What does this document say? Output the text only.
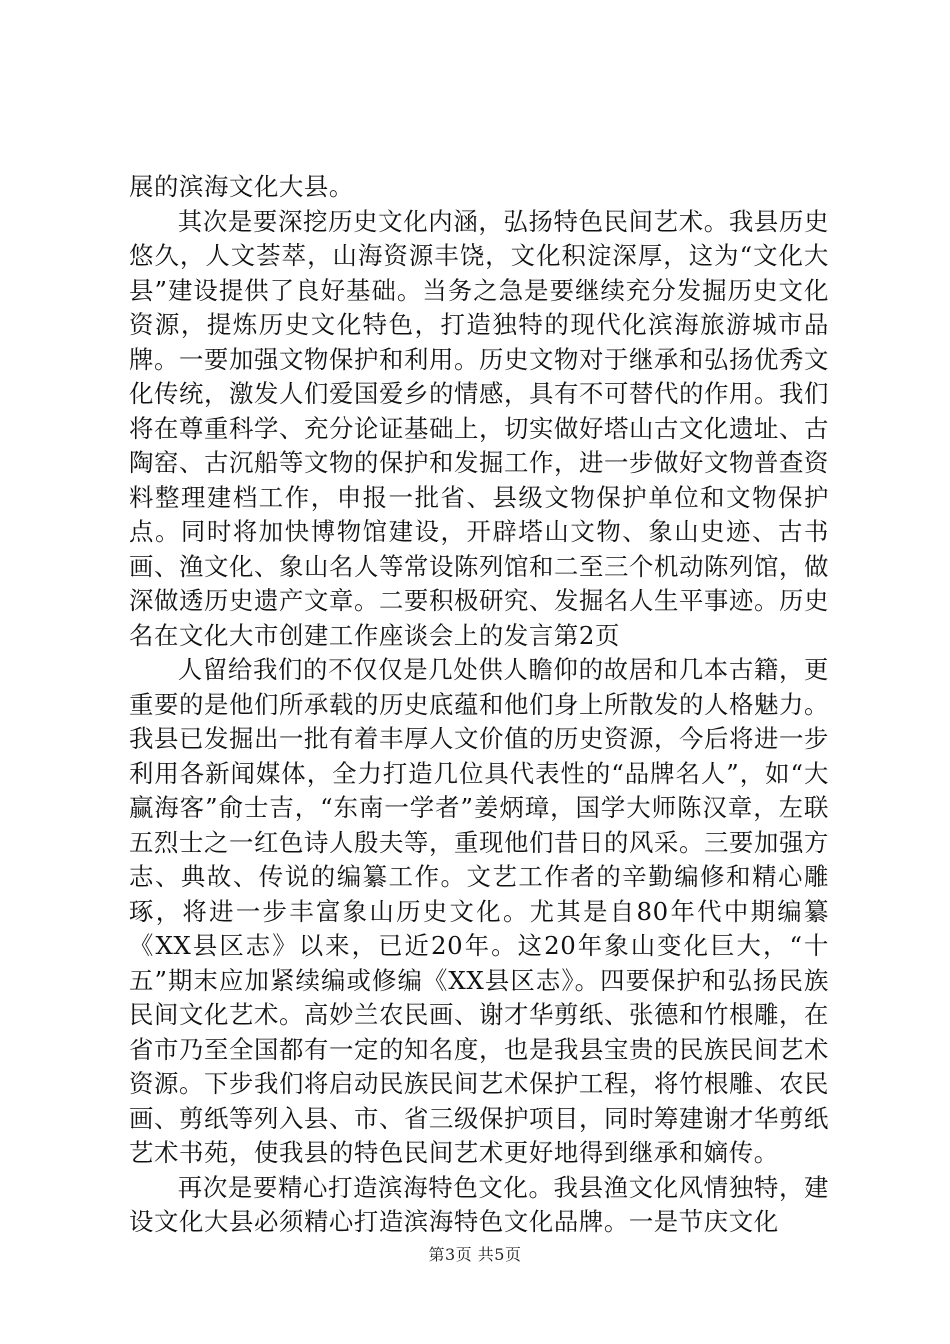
展的滨海文化大县。

其次是要深挖历史文化内涵，弘扬特色民间艺术。我县历史悠久，人文荟萃，山海资源丰饶，文化积淀深厚，这为“文化大县”建设提供了良好基础。当务之急是要继续充分发掘历史文化资源，提炼历史文化特色，打造独特的现代化滨海旅游城市品牌。一要加强文物保护和利用。历史文物对于继承和弘扬优秀文化传统，激发人们爱国爱乡的情感，具有不可替代的作用。我们将在尊重科学、充分论证基础上，切实做好塔山古文化遗址、古陶窑、古沉船等文物的保护和发掘工作，进一步做好文物普查资料整理建档工作，申报一批省、县级文物保护单位和文物保护点。同时将加快博物馆建设，开辟塔山文物、象山史迹、古书画、渔文化、象山名人等常设陈列馆和二至三个机动陈列馆，做深做透历史遗产文章。二要积极研究、发掘名人生平事迹。历史名在文化大市创建工作座谈会上的发言第2页

人留给我们的不仅仅是几处供人瞻仰的故居和几本古籍，更重要的是他们所承载的历史底蕴和他们身上所散发的人格魅力。我县已发掘出一批有着丰厚人文价值的历史资源，今后将进一步利用各新闻媒体，全力打造几位具代表性的“品牌名人”，如“大赢海客”俞士吉，“东南一学者”姜炳璋，国学大师陈汉章，左联五烈士之一红色诗人殷夫等，重现他们昔日的风采。三要加强方志、典故、传说的编纂工作。文艺工作者的辛勤编修和精心雕琢，将进一步丰富象山历史文化。尤其是自80年代中期编纂《XX县区志》以来，已近20年。这20年象山变化巨大，“十五”期末应加紧续编或修编《XX县区志》。四要保护和弘扬民族民间文化艺术。高妙兰农民画、谢才华剪纸、张德和竹根雕，在省市乃至全国都有一定的知名度，也是我县宝贵的民族民间艺术资源。下步我们将启动民族民间艺术保护工程，将竹根雕、农民画、剪纸等列入县、市、省三级保护项目，同时筹建谢才华剪纸艺术书苑，使我县的特色民间艺术更好地得到继承和嫡传。

再次是要精心打造滨海特色文化。我县渔文化风情独特，建设文化大县必须精心打造滨海特色文化品牌。一是节庆文化

第3页 共5页
